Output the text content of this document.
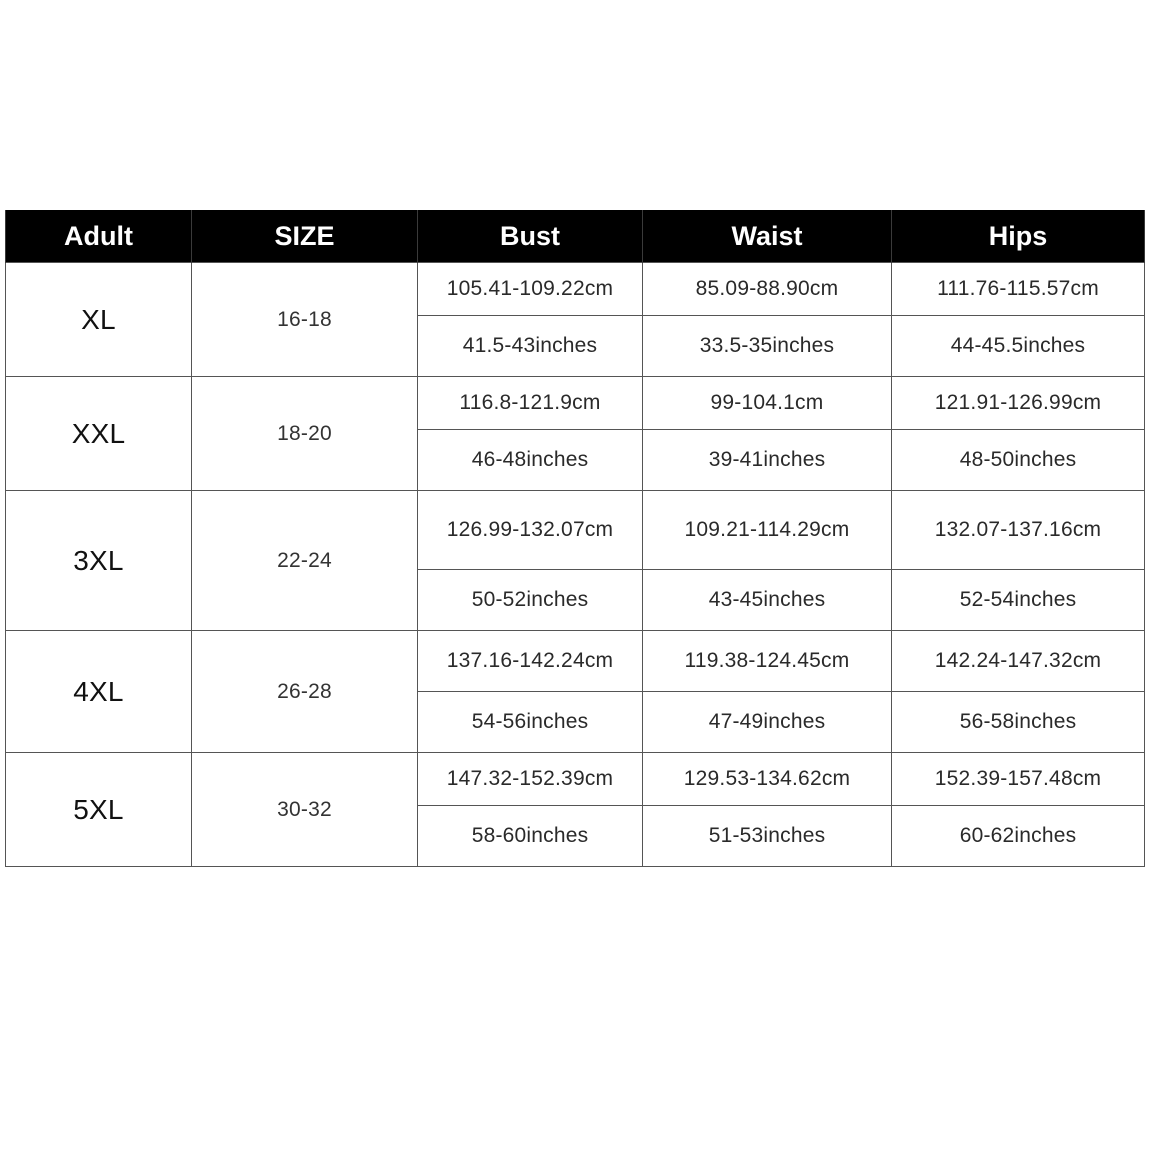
Adult	SIZE	Bust	Waist	Hips
XL	16-18	105.41-109.22cm	85.09-88.90cm	111.76-115.57cm
		41.5-43inches	33.5-35inches	44-45.5inches
XXL	18-20	116.8-121.9cm	99-104.1cm	121.91-126.99cm
		46-48inches	39-41inches	48-50inches
3XL	22-24	126.99-132.07cm	109.21-114.29cm	132.07-137.16cm
		50-52inches	43-45inches	52-54inches
4XL	26-28	137.16-142.24cm	119.38-124.45cm	142.24-147.32cm
		54-56inches	47-49inches	56-58inches
5XL	30-32	147.32-152.39cm	129.53-134.62cm	152.39-157.48cm
		58-60inches	51-53inches	60-62inches
